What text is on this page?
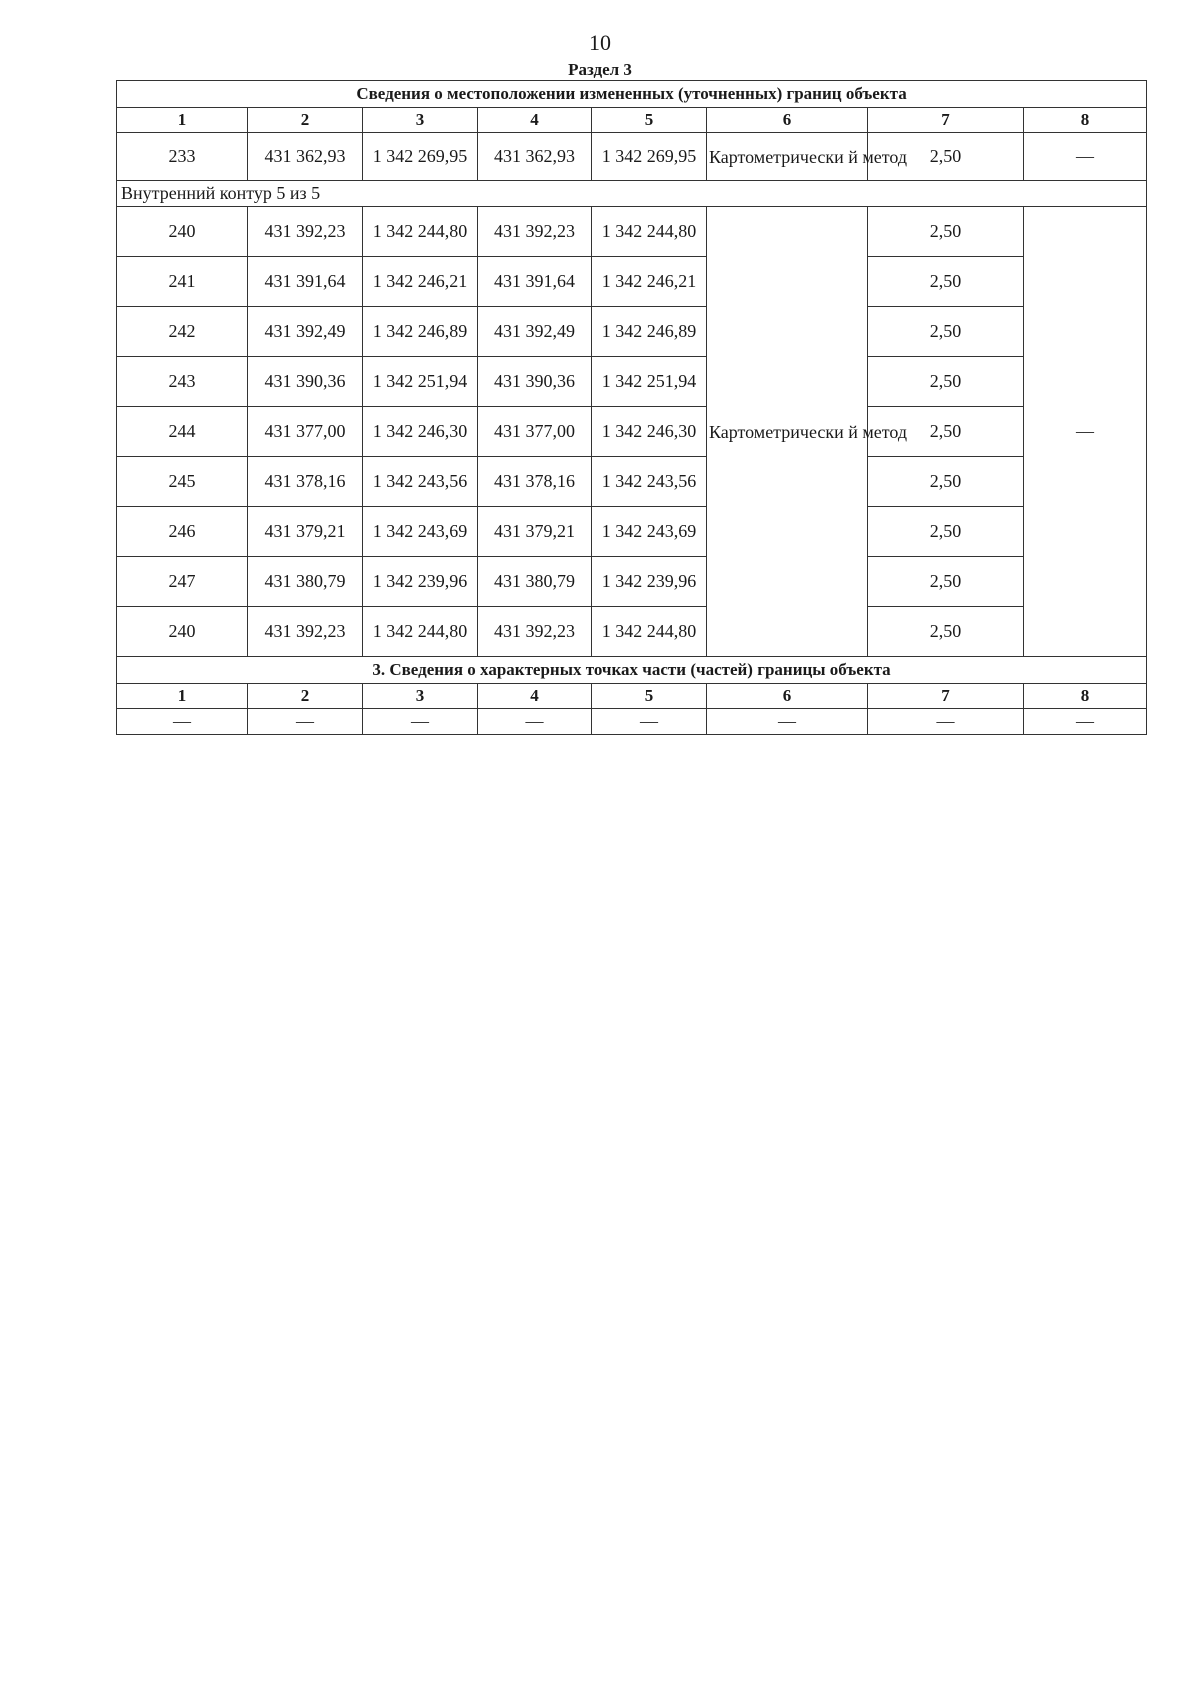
10
Раздел 3
Сведения о местоположении измененных (уточненных) границ объекта							
1	2	3	4	5	6	7	8
233	431 362,93	1 342 269,95	431 362,93	1 342 269,95	Картометрически й метод	2,50	—
Внутренний контур 5 из 5							
240	431 392,23	1 342 244,80	431 392,23	1 342 244,80	Картометрически й метод	2,50	—
241	431 391,64	1 342 246,21	431 391,64	1 342 246,21		2,50	
242	431 392,49	1 342 246,89	431 392,49	1 342 246,89		2,50	
243	431 390,36	1 342 251,94	431 390,36	1 342 251,94		2,50	
244	431 377,00	1 342 246,30	431 377,00	1 342 246,30		2,50	
245	431 378,16	1 342 243,56	431 378,16	1 342 243,56		2,50	
246	431 379,21	1 342 243,69	431 379,21	1 342 243,69		2,50	
247	431 380,79	1 342 239,96	431 380,79	1 342 239,96		2,50	
240	431 392,23	1 342 244,80	431 392,23	1 342 244,80		2,50	
3. Сведения о характерных точках части (частей) границы объекта							
1	2	3	4	5	6	7	8
—	—	—	—	—	—	—	—
